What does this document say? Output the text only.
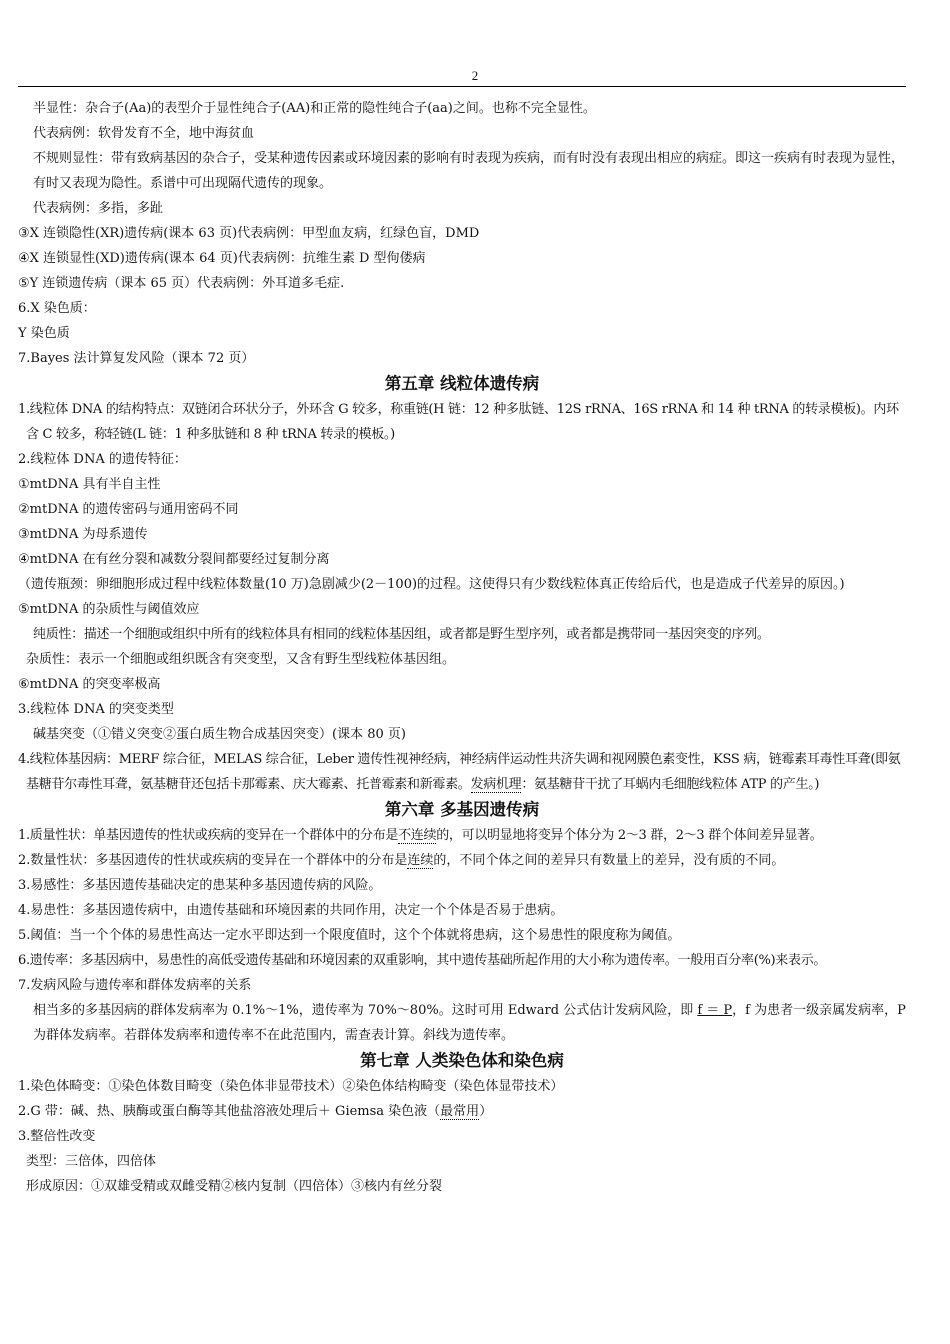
2
半显性：杂合子(Aa)的表型介于显性纯合子(AA)和正常的隐性纯合子(aa)之间。也称不完全显性。
代表病例：软骨发育不全，地中海贫血
不规则显性：带有致病基因的杂合子，受某种遗传因素或环境因素的影响有时表现为疾病，而有时没有表现出相应的病症。即这一疾病有时表现为显性，有时又表现为隐性。系谱中可出现隔代遗传的现象。
代表病例：多指，多趾
③X 连锁隐性(XR)遗传病(课本 63 页)代表病例：甲型血友病，红绿色盲，DMD
④X 连锁显性(XD)遗传病(课本 64 页)代表病例：抗维生素 D 型佝偻病
⑤Y 连锁遗传病（课本 65 页）代表病例：外耳道多毛症.
6.X 染色质：
Y 染色质
7.Bayes 法计算复发风险（课本 72 页）
第五章 线粒体遗传病
1.线粒体 DNA 的结构特点：双链闭合环状分子，外环含 G 较多，称重链(H 链：12 种多肽链、12S rRNA、16S rRNA 和 14 种 tRNA 的转录模板)。内环含 C 较多，称轻链(L 链：1 种多肽链和 8 种 tRNA 转录的模板。)
2.线粒体 DNA 的遗传特征：
①mtDNA 具有半自主性
②mtDNA 的遗传密码与通用密码不同
③mtDNA 为母系遗传
④mtDNA 在有丝分裂和减数分裂间都要经过复制分离
（遗传瓶颈：卵细胞形成过程中线粒体数量(10 万)急剧减少(2－100)的过程。这使得只有少数线粒体真正传给后代，也是造成子代差异的原因。)
⑤mtDNA 的杂质性与阈值效应
纯质性：描述一个细胞或组织中所有的线粒体具有相同的线粒体基因组，或者都是野生型序列，或者都是携带同一基因突变的序列。
杂质性：表示一个细胞或组织既含有突变型，又含有野生型线粒体基因组。
⑥mtDNA 的突变率极高
3.线粒体 DNA 的突变类型
碱基突变（①错义突变②蛋白质生物合成基因突变）(课本 80 页)
4.线粒体基因病：MERF 综合征，MELAS 综合征，Leber 遗传性视神经病，神经病伴运动性共济失调和视网膜色素变性，KSS 病，链霉素耳毒性耳聋(即氨基糖苷尔毒性耳聋，氨基糖苷还包括卡那霉素、庆大霉素、托普霉素和新霉素。发病机理：氨基糖苷干扰了耳蜗内毛细胞线粒体 ATP 的产生。)
第六章 多基因遗传病
1.质量性状：单基因遗传的性状或疾病的变异在一个群体中的分布是不连续的，可以明显地将变异个体分为 2～3 群，2～3 群个体间差异显著。
2.数量性状：多基因遗传的性状或疾病的变异在一个群体中的分布是连续的，不同个体之间的差异只有数量上的差异，没有质的不同。
3.易感性：多基因遗传基础决定的患某种多基因遗传病的风险。
4.易患性：多基因遗传病中，由遗传基础和环境因素的共同作用，决定一个个体是否易于患病。
5.阈值：当一个个体的易患性高达一定水平即达到一个限度值时，这个个体就将患病，这个易患性的限度称为阈值。
6.遗传率：多基因病中，易患性的高低受遗传基础和环境因素的双重影响，其中遗传基础所起作用的大小称为遗传率。一般用百分率(%)来表示。
7.发病风险与遗传率和群体发病率的关系
相当多的多基因病的群体发病率为 0.1%～1%，遗传率为 70%～80%。这时可用 Edward 公式估计发病风险，即 f ＝ P，f 为患者一级亲属发病率，P 为群体发病率。若群体发病率和遗传率不在此范围内，需查表计算。斜线为遗传率。
第七章 人类染色体和染色病
1.染色体畸变：①染色体数目畸变（染色体非显带技术）②染色体结构畸变（染色体显带技术）
2.G 带：碱、热、胰酶或蛋白酶等其他盐溶液处理后＋ Giemsa 染色液（最常用）
3.整倍性改变
类型：三倍体，四倍体
形成原因：①双雄受精或双雌受精②核内复制（四倍体）③核内有丝分裂
